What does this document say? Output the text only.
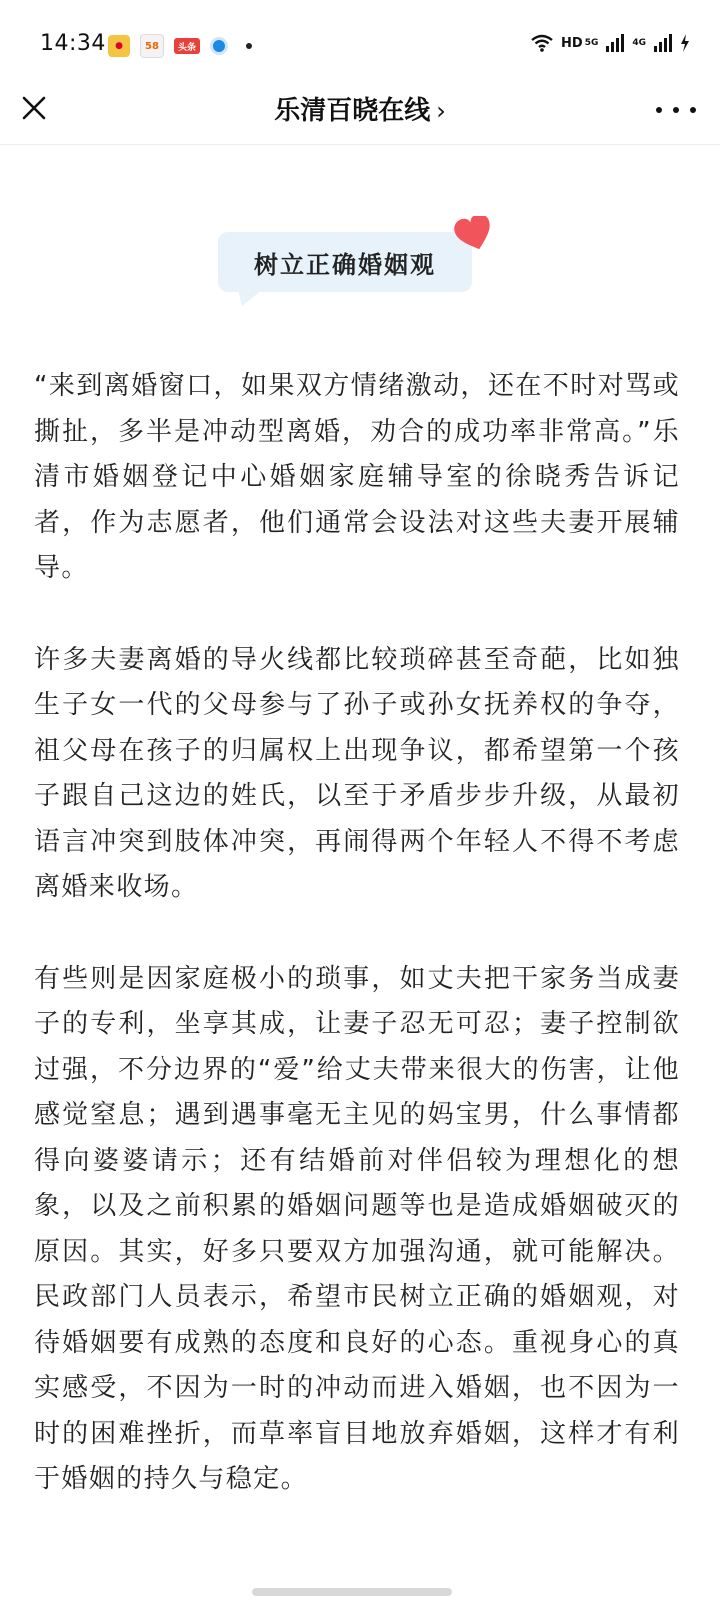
14:34	●	58	头条	HD 5G	4G
乐清百晓在线 ›
树立正确婚姻观

“来到离婚窗口，如果双方情绪激动，还在不时对骂或撕扯，多半是冲动型离婚，劝合的成功率非常高。”乐清市婚姻登记中心婚姻家庭辅导室的徐晓秀告诉记者，作为志愿者，他们通常会设法对这些夫妻开展辅导。

许多夫妻离婚的导火线都比较琐碎甚至奇葩，比如独生子女一代的父母参与了孙子或孙女抚养权的争夺，祖父母在孩子的归属权上出现争议，都希望第一个孩子跟自己这边的姓氏，以至于矛盾步步升级，从最初语言冲突到肢体冲突，再闹得两个年轻人不得不考虑离婚来收场。

有些则是因家庭极小的琐事，如丈夫把干家务当成妻子的专利，坐享其成，让妻子忍无可忍；妻子控制欲过强，不分边界的“爱”给丈夫带来很大的伤害，让他感觉窒息；遇到遇事毫无主见的妈宝男，什么事情都得向婆婆请示；还有结婚前对伴侣较为理想化的想象，以及之前积累的婚姻问题等也是造成婚姻破灭的原因。其实，好多只要双方加强沟通，就可能解决。民政部门人员表示，希望市民树立正确的婚姻观，对待婚姻要有成熟的态度和良好的心态。重视身心的真实感受，不因为一时的冲动而进入婚姻，也不因为一时的困难挫折，而草率盲目地放弃婚姻，这样才有利于婚姻的持久与稳定。
